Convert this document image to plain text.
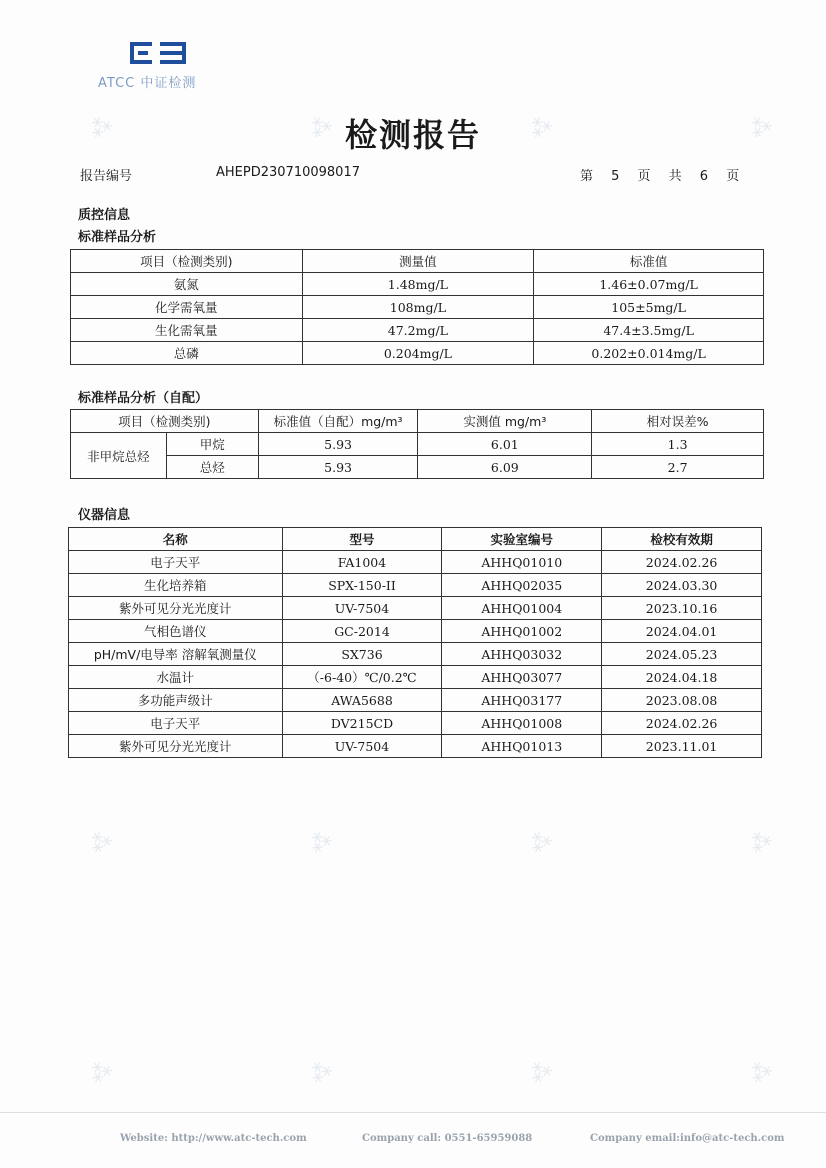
⁂	⁂	⁂	⁂
⁂	⁂	⁂	⁂
⁂	⁂	⁂	⁂
ATCC 中证检测
检测报告
报告编号	AHEPD230710098017	第 5 页 共 6 页
质控信息
标准样品分析
项目（检测类别)	测量值	标准值
氨氮	1.48mg/L	1.46±0.07mg/L
化学需氧量	108mg/L	105±5mg/L
生化需氧量	47.2mg/L	47.4±3.5mg/L
总磷	0.204mg/L	0.202±0.014mg/L
标准样品分析（自配）
项目（检测类别)		标准值（自配）mg/m³	实测值 mg/m³	相对误差%
非甲烷总烃	甲烷	5.93	6.01	1.3
	总烃	5.93	6.09	2.7
仪器信息
名称	型号	实验室编号	检校有效期
电子天平	FA1004	AHHQ01010	2024.02.26
生化培养箱	SPX-150-II	AHHQ02035	2024.03.30
紫外可见分光光度计	UV-7504	AHHQ01004	2023.10.16
气相色谱仪	GC-2014	AHHQ01002	2024.04.01
pH/mV/电导率 溶解氧测量仪	SX736	AHHQ03032	2024.05.23
水温计	（-6-40）℃/0.2℃	AHHQ03077	2024.04.18
多功能声级计	AWA5688	AHHQ03177	2023.08.08
电子天平	DV215CD	AHHQ01008	2024.02.26
紫外可见分光光度计	UV-7504	AHHQ01013	2023.11.01
Website: http://www.atc-tech.com	Company call: 0551-65959088	Company email:info@atc-tech.com
